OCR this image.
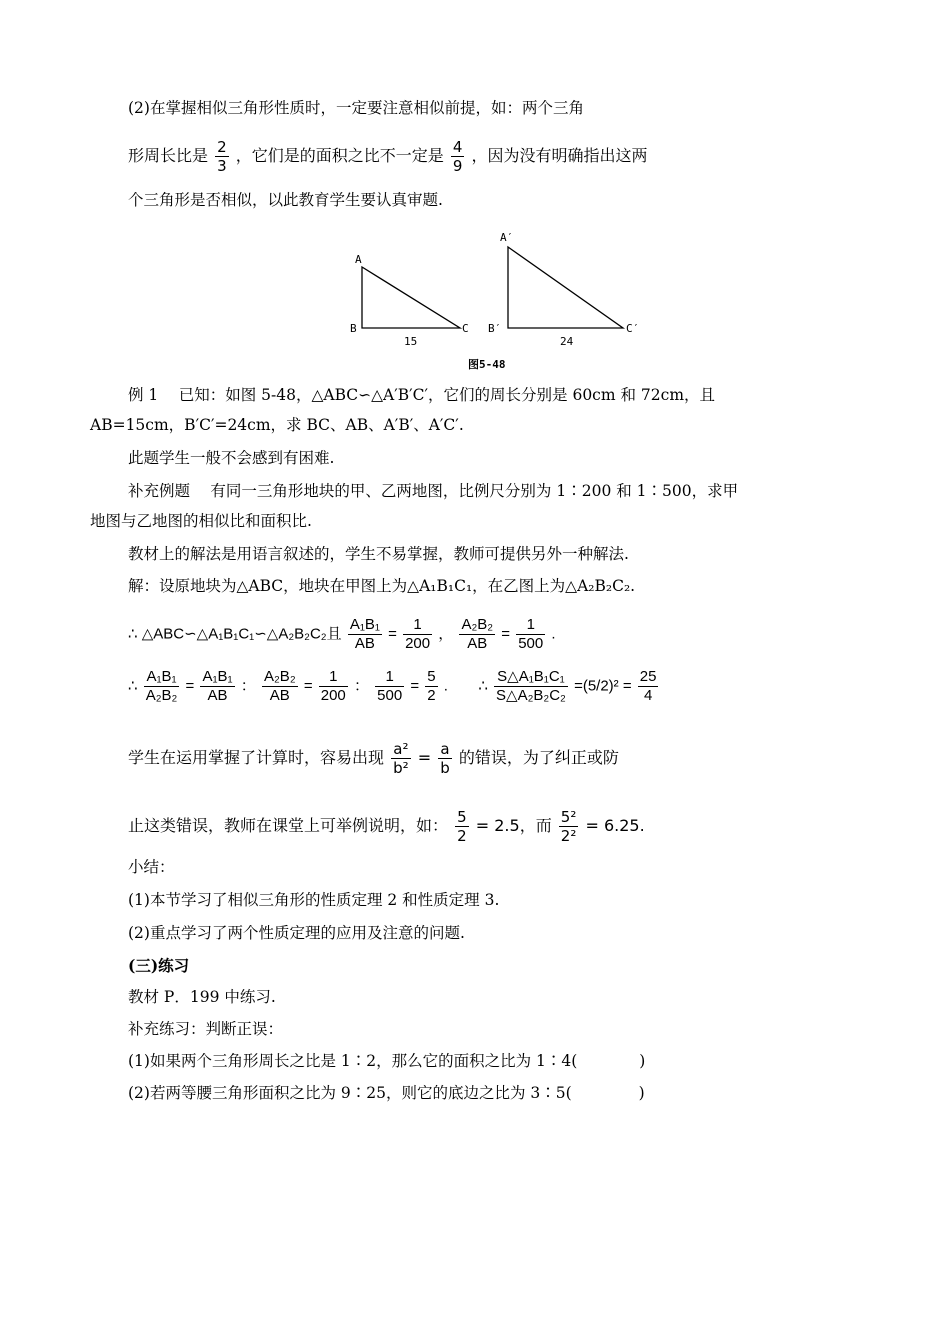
(2)在掌握相似三角形性质时，一定要注意相似前提，如：两个三角
形周长比是 $\frac{2}{3}$ ，它们是的面积之比不一定是 $\frac{4}{9}$ ，因为没有明确指出这两
个三角形是否相似，以此教育学生要认真审题.
A
B	C
15
A′
B′	C′
24
图5-48
例 1　 已知：如图 5-48，△ABC∽△A′B′C′，它们的周长分别是 60cm 和 72cm，且
AB=15cm，B′C′=24cm，求 BC、AB、A′B′、A′C′.
此题学生一般不会感到有困难.
补充例题　 有同一三角形地块的甲、乙两地图，比例尺分别为 1∶200 和 1∶500，求甲
地图与乙地图的相似比和面积比.
教材上的解法是用语言叙述的，学生不易掌握，教师可提供另外一种解法.
解：设原地块为△ABC，地块在甲图上为△A₁B₁C₁，在乙图上为△A₂B₂C₂.
∴ △ABC∽△A₁B₁C₁∽△A₂B₂C₂且 $\frac{\text{A₁B₁}}{AB} = \frac{1}{200}$ ， $\frac{\text{A₂B₂}}{AB} = \frac{1}{500}$ .
∴ $\frac{\text{A₁B₁}}{\text{A₂B₂}} = \frac{\text{A₁B₁}}{AB}$ ： $\frac{\text{A₂B₂}}{AB} = \frac{1}{200}$ ： $\frac{1}{500} = \frac{5}{2}$ . ∴ $\frac{\text{S△A₁B₁C₁}}{\text{S△A₂B₂C₂}} =(5/2)^2 = \frac{25}{4}$
学生在运用掌握了计算时，容易出现 $\frac{\text{a²}}{\text{b²}} = \frac{a}{b}$ 的错误，为了纠正或防
止这类错误，教师在课堂上可举例说明，如： $\frac{5}{2} = 2.5$，而 $\frac{\text{5²}}{\text{2²}} = 6.25$.
小结：
(1)本节学习了相似三角形的性质定理 2 和性质定理 3.
(2)重点学习了两个性质定理的应用及注意的问题.
(三)练习
教材 P．199 中练习.
补充练习：判断正误：
(1)如果两个三角形周长之比是 1∶2，那么它的面积之比为 1∶4(　　　　)
(2)若两等腰三角形面积之比为 9∶25，则它的底边之比为 3∶5(　　　　 )
